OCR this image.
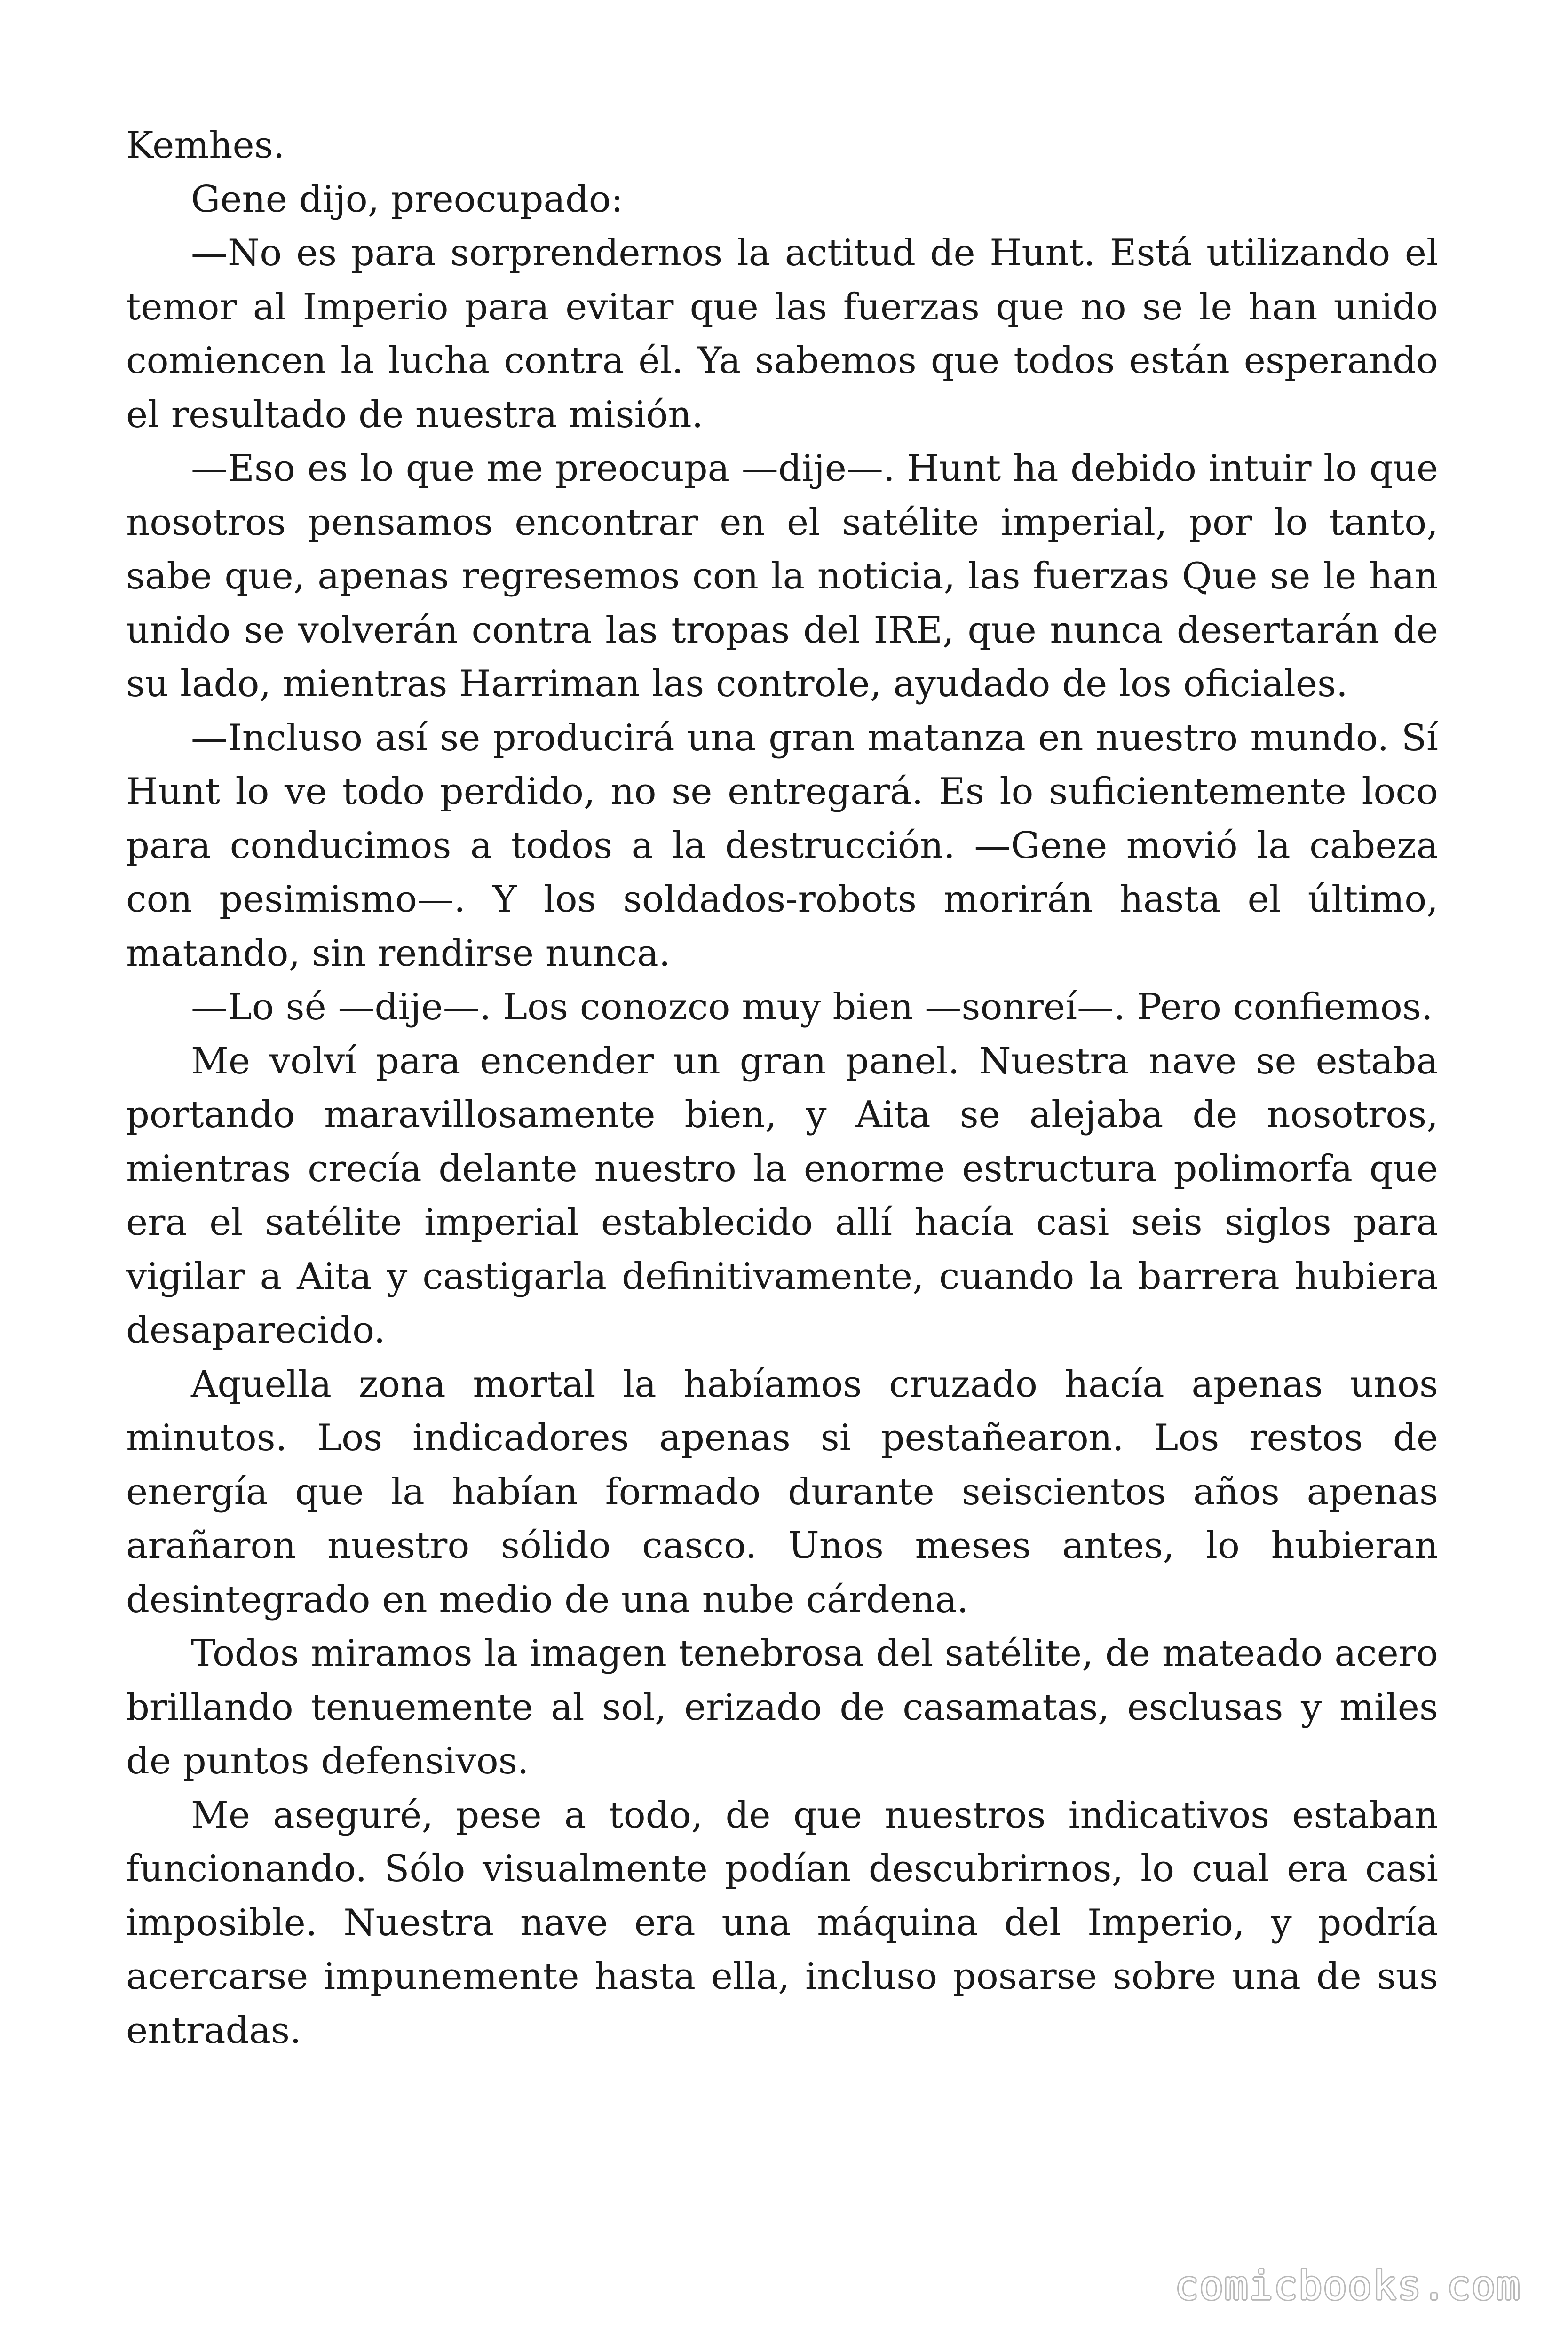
Kemhes.

Gene dijo, preocupado:

—No es para sorprendernos la actitud de Hunt. Está utilizando el temor al Imperio para evitar que las fuerzas que no se le han unido comiencen la lucha contra él. Ya sabemos que todos están esperando el resultado de nuestra misión.

—Eso es lo que me preocupa —dije—. Hunt ha debido intuir lo que nosotros pensamos encontrar en el satélite imperial, por lo tanto, sabe que, apenas regresemos con la noticia, las fuerzas Que se le han unido se volverán contra las tropas del IRE, que nunca desertarán de su lado, mientras Harriman las controle, ayudado de los oficiales.

—Incluso así se producirá una gran matanza en nuestro mundo. Sí Hunt lo ve todo perdido, no se entregará. Es lo suficientemente loco para conducimos a todos a la destrucción. —Gene movió la cabeza con pesimismo—. Y los soldados-robots morirán hasta el último, matando, sin rendirse nunca.

—Lo sé —dije—. Los conozco muy bien —sonreí—. Pero confiemos.

Me volví para encender un gran panel. Nuestra nave se estaba portando maravillosamente bien, y Aita se alejaba de nosotros, mientras crecía delante nuestro la enorme estructura polimorfa que era el satélite imperial establecido allí hacía casi seis siglos para vigilar a Aita y castigarla definitivamente, cuando la barrera hubiera desaparecido.

Aquella zona mortal la habíamos cruzado hacía apenas unos minutos. Los indicadores apenas si pestañearon. Los restos de energía que la habían formado durante seiscientos años apenas arañaron nuestro sólido casco. Unos meses antes, lo hubieran desintegrado en medio de una nube cárdena.

Todos miramos la imagen tenebrosa del satélite, de mateado acero brillando tenuemente al sol, erizado de casamatas, esclusas y miles de puntos defensivos.

Me aseguré, pese a todo, de que nuestros indicativos estaban funcionando. Sólo visualmente podían descubrirnos, lo cual era casi imposible. Nuestra nave era una máquina del Imperio, y podría acercarse impunemente hasta ella, incluso posarse sobre una de sus entradas.

comicbooks.com
